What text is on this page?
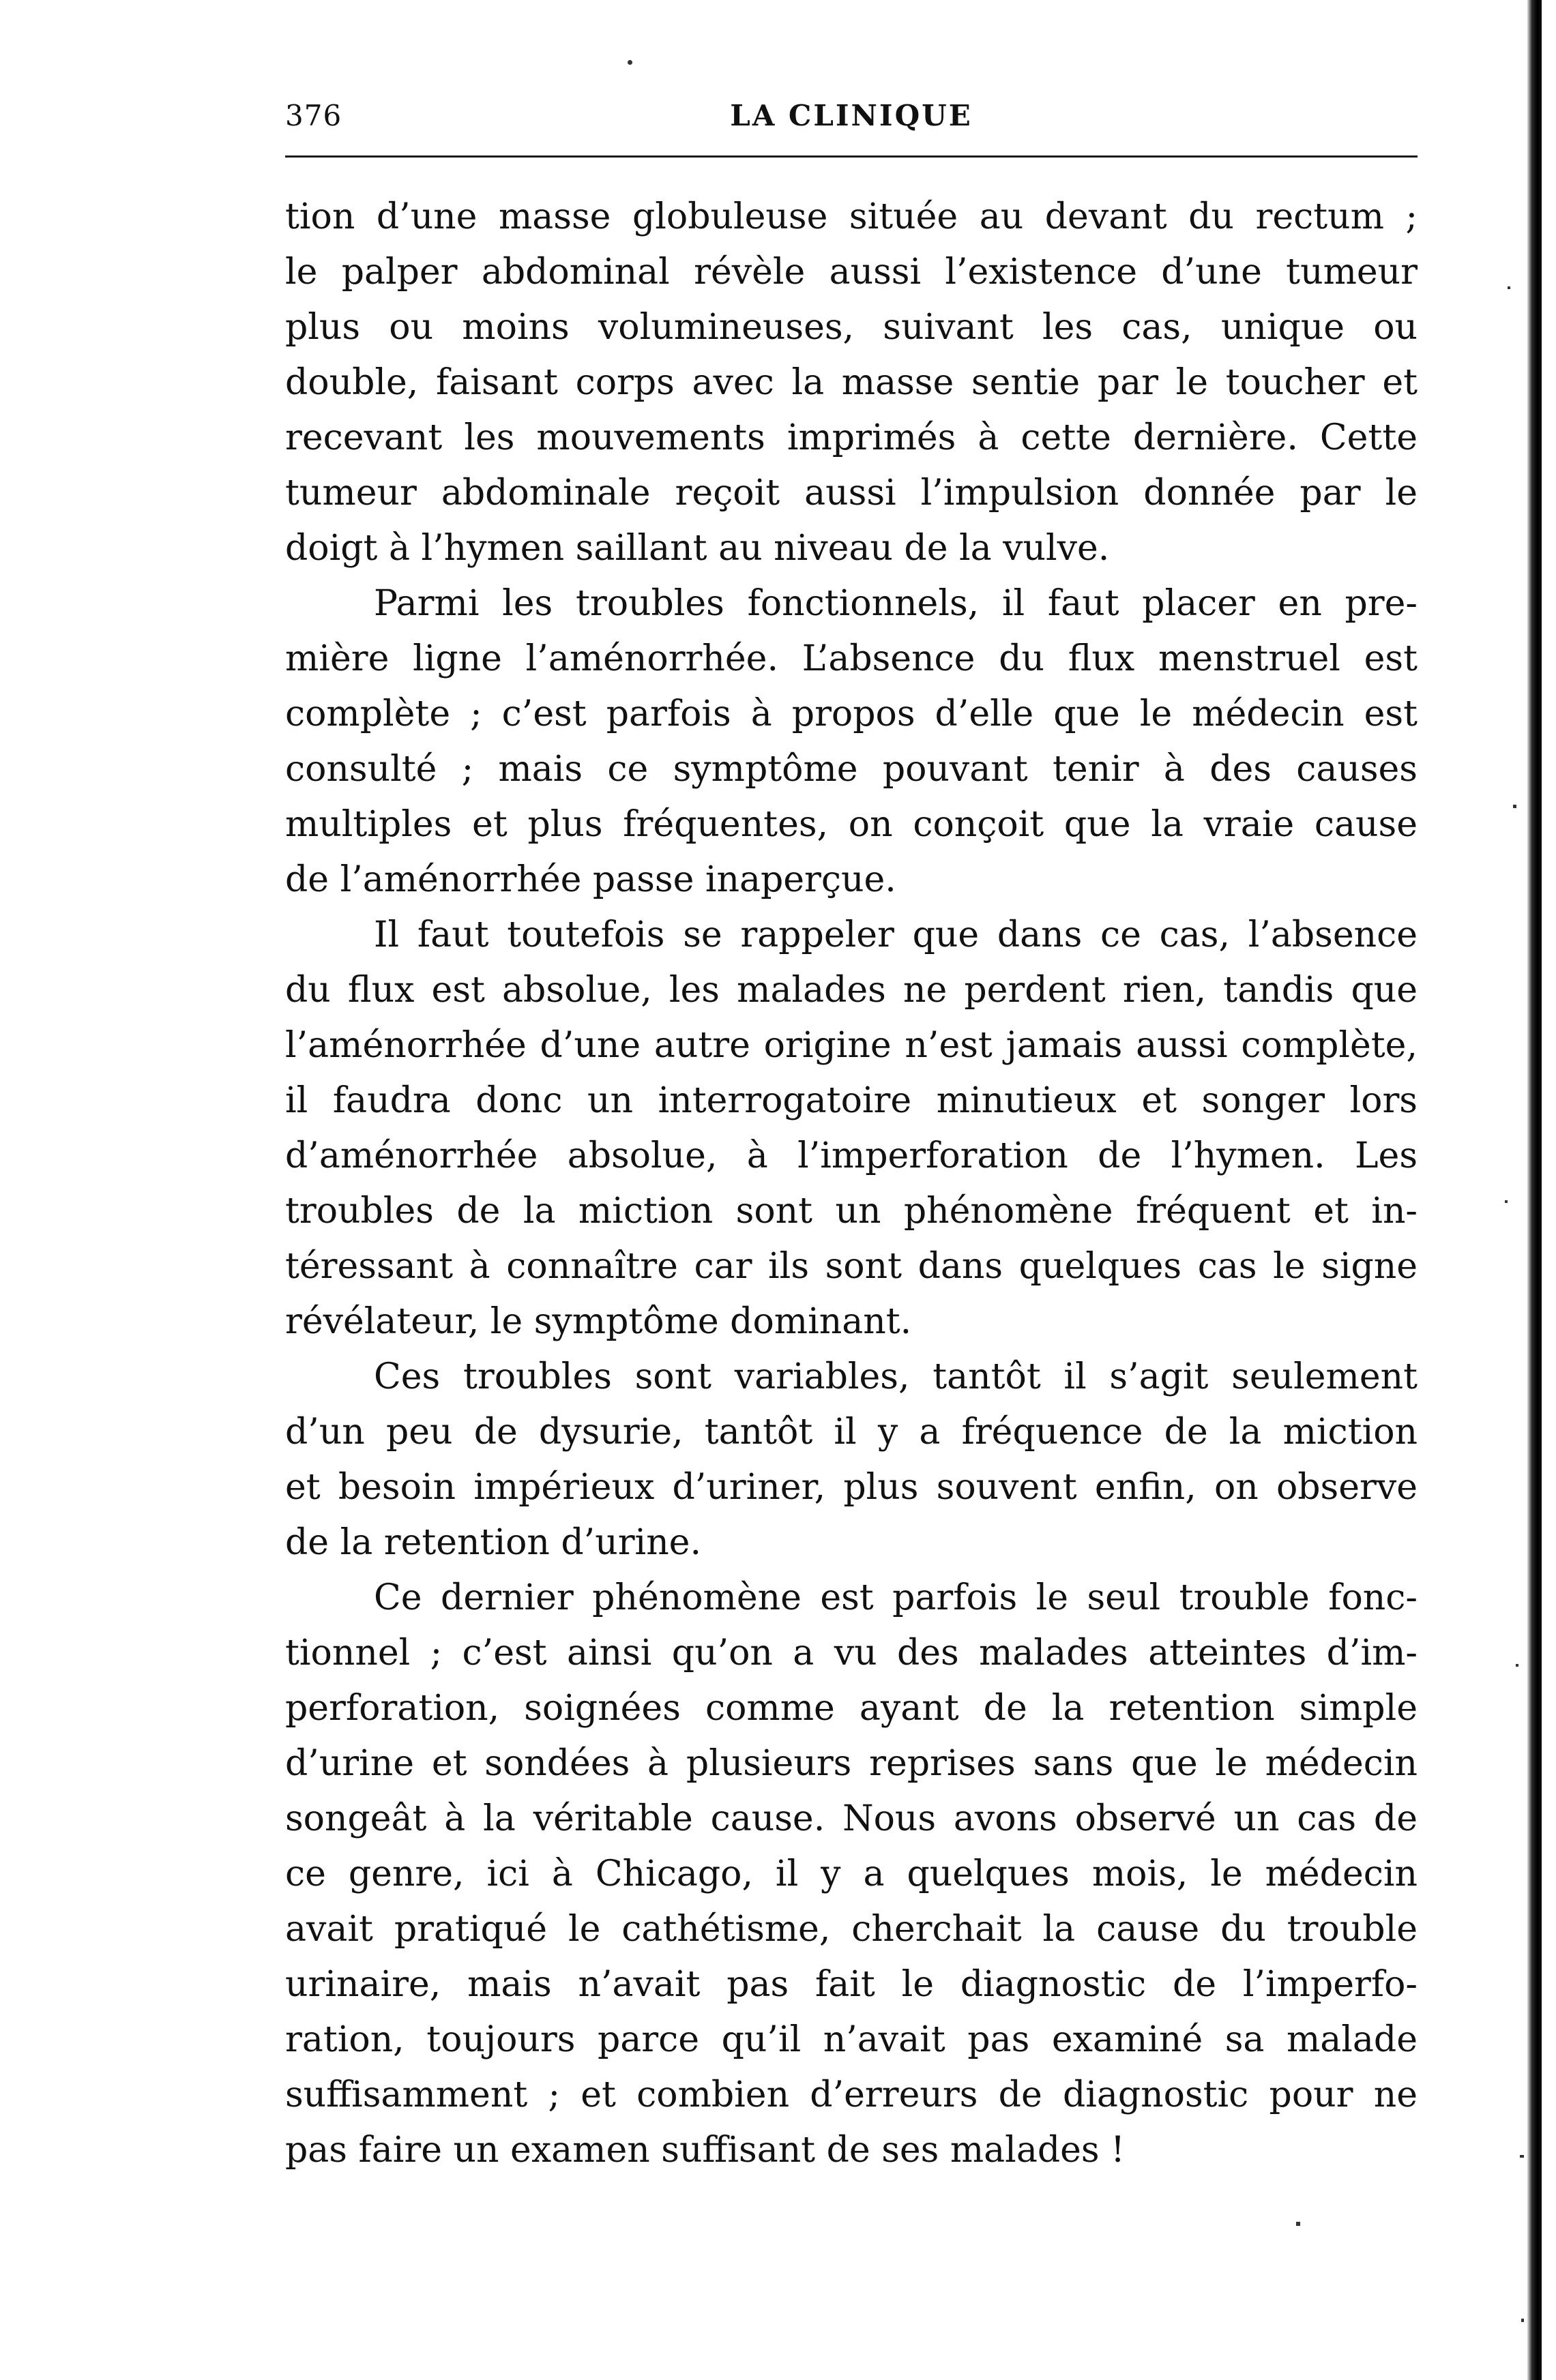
376	LA CLINIQUE
tion d’une masse globuleuse située au devant du rectum ;
le palper abdominal révèle aussi l’existence d’une tumeur
plus ou moins volumineuses, suivant les cas, unique ou
double, faisant corps avec la masse sentie par le toucher et
recevant les mouvements imprimés à cette dernière. Cette
tumeur abdominale reçoit aussi l’impulsion donnée par le
doigt à l’hymen saillant au niveau de la vulve.
Parmi les troubles fonctionnels, il faut placer en pre-
mière ligne l’aménorrhée. L’absence du flux menstruel est
complète ; c’est parfois à propos d’elle que le médecin est
consulté ; mais ce symptôme pouvant tenir à des causes
multiples et plus fréquentes, on conçoit que la vraie cause
de l’aménorrhée passe inaperçue.
Il faut toutefois se rappeler que dans ce cas, l’absence
du flux est absolue, les malades ne perdent rien, tandis que
l’aménorrhée d’une autre origine n’est jamais aussi complète,
il faudra donc un interrogatoire minutieux et songer lors
d’aménorrhée absolue, à l’imperforation de l’hymen. Les
troubles de la miction sont un phénomène fréquent et in-
téressant à connaître car ils sont dans quelques cas le signe
révélateur, le symptôme dominant.
Ces troubles sont variables, tantôt il s’agit seulement
d’un peu de dysurie, tantôt il y a fréquence de la miction
et besoin impérieux d’uriner, plus souvent enfin, on observe
de la retention d’urine.
Ce dernier phénomène est parfois le seul trouble fonc-
tionnel ; c’est ainsi qu’on a vu des malades atteintes d’im-
perforation, soignées comme ayant de la retention simple
d’urine et sondées à plusieurs reprises sans que le médecin
songeât à la véritable cause. Nous avons observé un cas de
ce genre, ici à Chicago, il y a quelques mois, le médecin
avait pratiqué le cathétisme, cherchait la cause du trouble
urinaire, mais n’avait pas fait le diagnostic de l’imperfo-
ration, toujours parce qu’il n’avait pas examiné sa malade
suffisamment ; et combien d’erreurs de diagnostic pour ne
pas faire un examen suffisant de ses malades !
